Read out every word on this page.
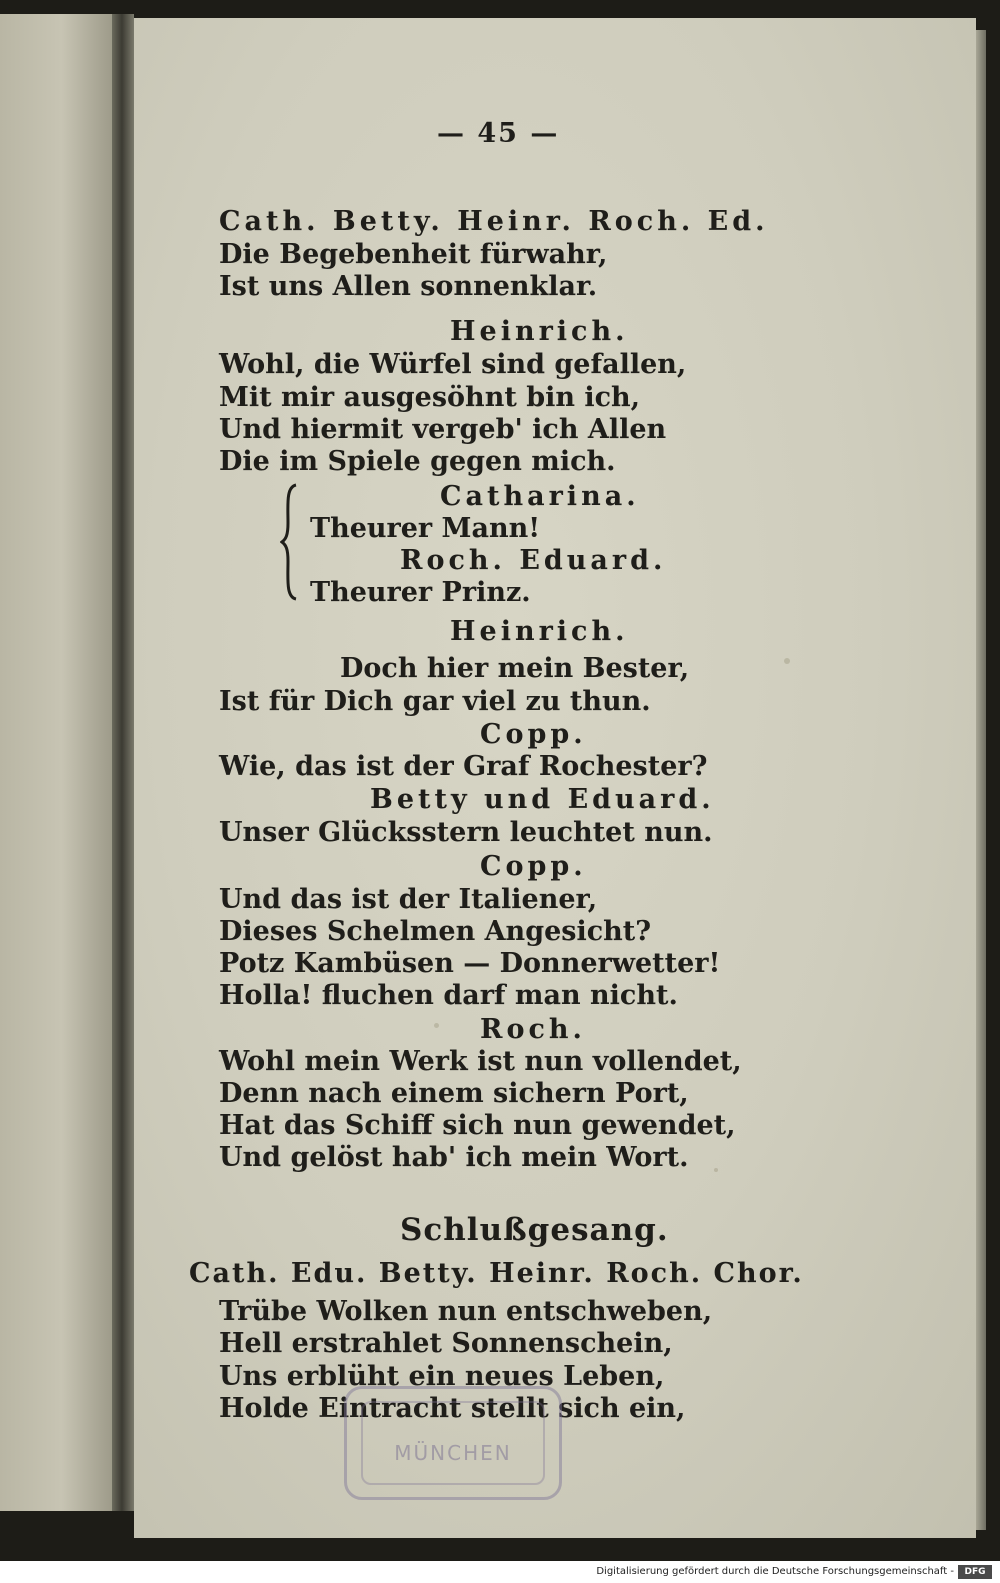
— 45 —
Cath. Betty. Heinr. Roch. Ed.
Die Begebenheit fürwahr,
Ist uns Allen sonnenklar.
Heinrich.
Wohl, die Würfel sind gefallen,
Mit mir ausgesöhnt bin ich,
Und hiermit vergeb' ich Allen
Die im Spiele gegen mich.
Catharina.
Theurer Mann!
Roch. Eduard.
Theurer Prinz.
Heinrich.
Doch hier mein Bester,
Ist für Dich gar viel zu thun.
Copp.
Wie, das ist der Graf Rochester?
Betty und Eduard.
Unser Glücksstern leuchtet nun.
Copp.
Und das ist der Italiener,
Dieses Schelmen Angesicht?
Potz Kambüsen — Donnerwetter!
Holla! fluchen darf man nicht.
Roch.
Wohl mein Werk ist nun vollendet,
Denn nach einem sichern Port,
Hat das Schiff sich nun gewendet,
Und gelöst hab' ich mein Wort.
Schlußgesang.
Cath. Edu. Betty. Heinr. Roch. Chor.
Trübe Wolken nun entschweben,
Hell erstrahlet Sonnenschein,
Uns erblüht ein neues Leben,
Holde Eintracht stellt sich ein,
MÜNCHEN
Digitalisierung gefördert durch die Deutsche Forschungsgemeinschaft -	DFG
